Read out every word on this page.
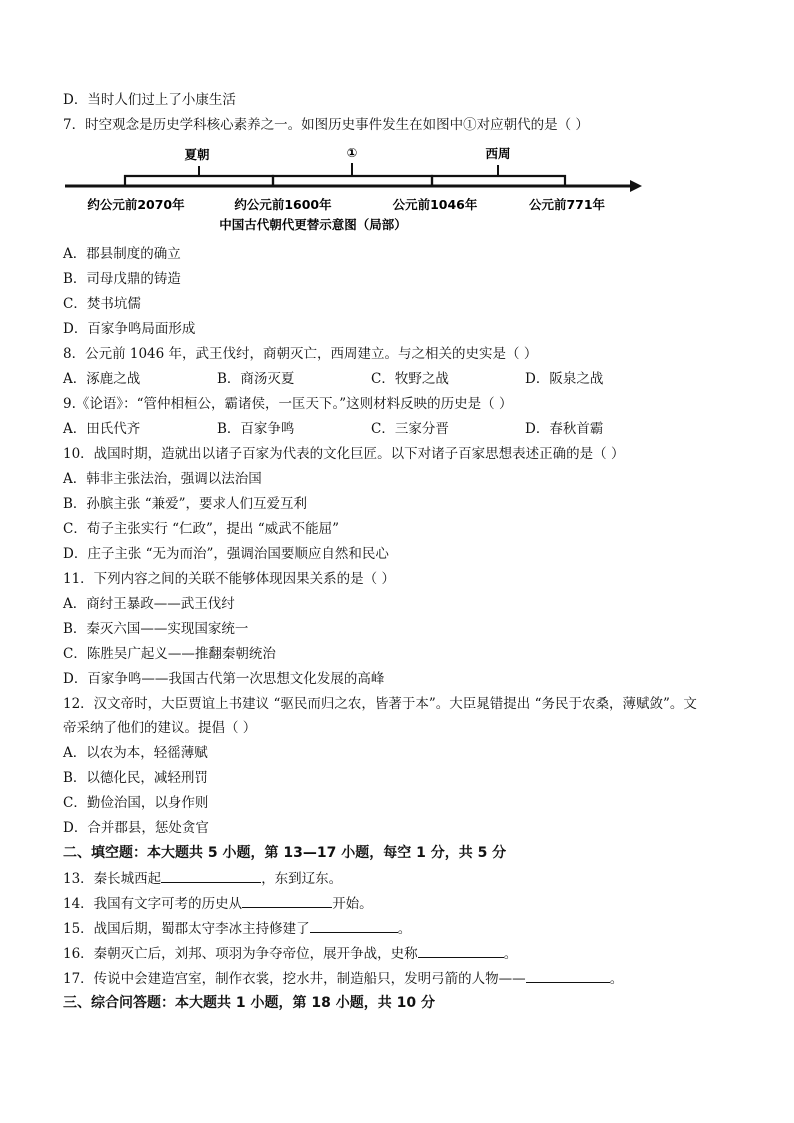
D．当时人们过上了小康生活
7．时空观念是历史学科核心素养之一。如图历史事件发生在如图中①对应朝代的是（ ）
夏朝	①	西周
约公元前2070年	约公元前1600年	公元前1046年	公元前771年
中国古代朝代更替示意图（局部）
A．郡县制度的确立
B．司母戊鼎的铸造
C．焚书坑儒
D．百家争鸣局面形成
8．公元前 1046 年，武王伐纣，商朝灭亡，西周建立。与之相关的史实是（ ）
A．涿鹿之战	B．商汤灭夏	C．牧野之战	D．阪泉之战
9.《论语》：“管仲相桓公，霸诸侯，一匡天下。”这则材料反映的历史是（ ）
A．田氏代齐	B．百家争鸣	C．三家分晋	D．春秋首霸
10．战国时期，造就出以诸子百家为代表的文化巨匠。以下对诸子百家思想表述正确的是（ ）
A．韩非主张法治，强调以法治国
B．孙膑主张 “兼爱”，要求人们互爱互利
C．荀子主张实行 “仁政”，提出 “威武不能屈”
D．庄子主张 “无为而治”，强调治国要顺应自然和民心
11．下列内容之间的关联不能够体现因果关系的是（ ）
A．商纣王暴政——武王伐纣
B．秦灭六国——实现国家统一
C．陈胜吴广起义——推翻秦朝统治
D．百家争鸣——我国古代第一次思想文化发展的高峰
12．汉文帝时，大臣贾谊上书建议 “驱民而归之农，皆著于本”。大臣晁错提出 “务民于农桑，薄赋敛”。文
帝采纳了他们的建议。提倡（ ）
A．以农为本，轻徭薄赋
B．以德化民，减轻刑罚
C．勤俭治国，以身作则
D．合并郡县，惩处贪官
二、填空题：本大题共 5 小题，第 13—17 小题，每空 1 分，共 5 分
13．秦长城西起	，东到辽东。
14．我国有文字可考的历史从	开始。
15．战国后期，蜀郡太守李冰主持修建了	。
16．秦朝灭亡后，刘邦、项羽为争夺帝位，展开争战，史称	。
17．传说中会建造宫室，制作衣裳，挖水井，制造船只，发明弓箭的人物——	。
三、综合问答题：本大题共 1 小题，第 18 小题，共 10 分
